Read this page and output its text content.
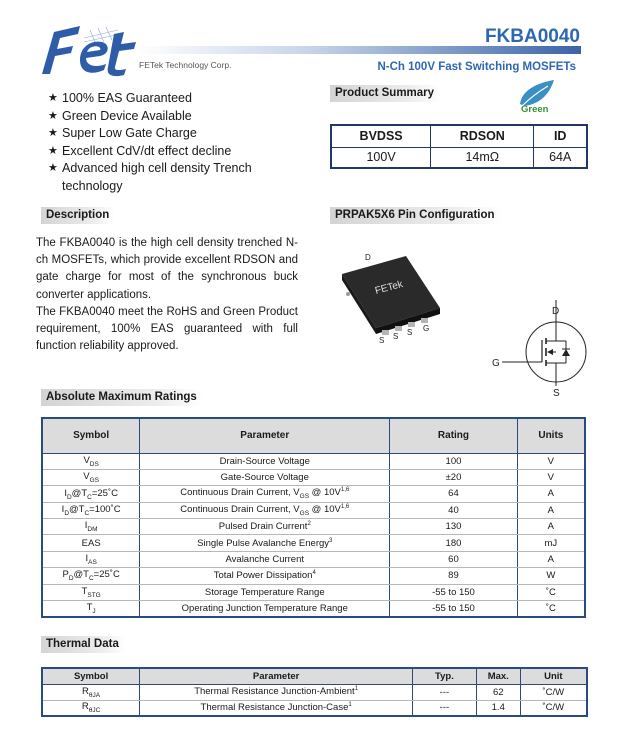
FETek Technology Corp.
FKBA0040
N-Ch 100V Fast Switching MOSFETs
★ 100% EAS Guaranteed
★ Green Device Available
★ Super Low Gate Charge
★ Excellent CdV/dt effect decline
★ Advanced high cell density Trench technology
Product Summary
Green
BVDSS	RDSON	ID
100V	14mΩ	64A
Description

The FKBA0040 is the high cell density trenched N-ch MOSFETs, which provide excellent RDSON and gate charge for most of the synchronous buck converter applications.

The FKBA0040 meet the RoHS and Green Product requirement, 100% EAS guaranteed with full function reliability approved.

PRPAK5X6 Pin Configuration
FETek
D
S S S G
D
G
S
Absolute Maximum Ratings
Symbol	Parameter	Rating	Units
$V_{DS}$	Drain-Source Voltage	100	V
$V_{GS}$	Gate-Source Voltage	±20	V
$I_D@T_C=25˚C$	Continuous Drain Current, $V_{GS}$ @ $10V^{1,6}$	64	A
$I_D@T_C=100˚C$	Continuous Drain Current, $V_{GS}$ @ $10V^{1,6}$	40	A
$I_{DM}$	Pulsed Drain Current$^2$	130	A
EAS	Single Pulse Avalanche Energy$^3$	180	mJ
$I_{AS}$	Avalanche Current	60	A
$P_D@T_C=25˚C$	Total Power Dissipation$^4$	89	W
$T_{STG}$	Storage Temperature Range	-55 to 150	˚C
$T_J$	Operating Junction Temperature Range	-55 to 150	˚C
Thermal Data
Symbol	Parameter	Typ.	Max.	Unit
$R_{\theta JA}$	Thermal Resistance Junction-Ambient$^1$	---	62	˚C/W
$R_{\theta JC}$	Thermal Resistance Junction-Case$^1$	---	1.4	˚C/W
